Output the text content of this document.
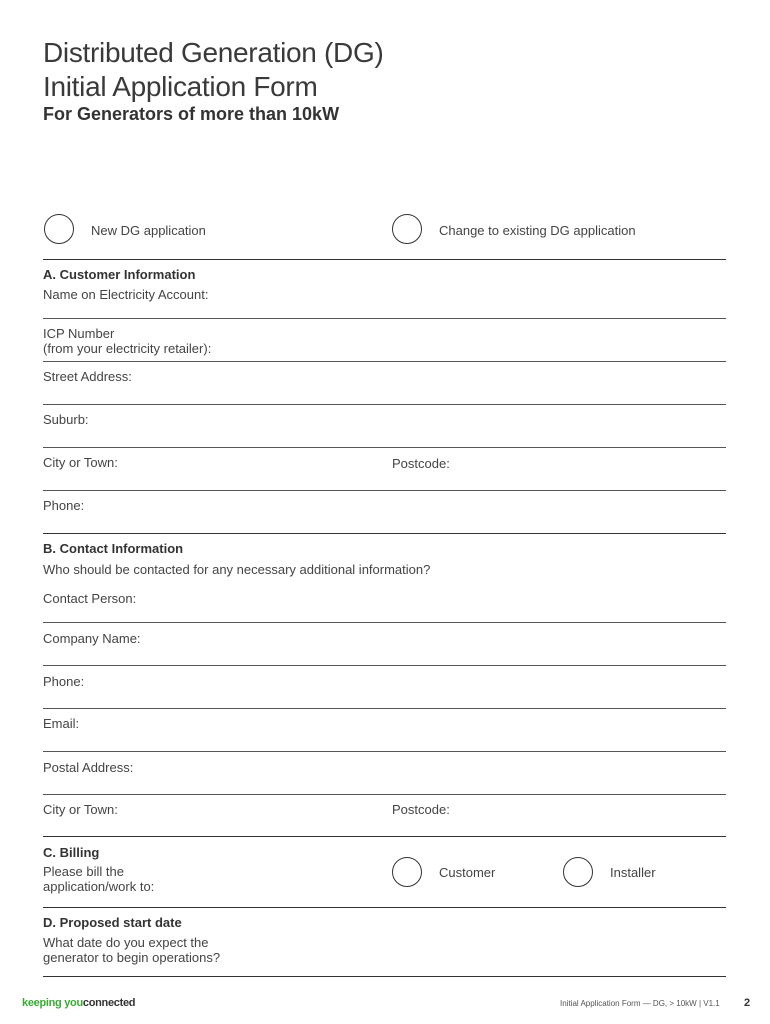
Distributed Generation (DG)
Initial Application Form
For Generators of more than 10kW
New DG application	Change to existing DG application
A. Customer Information
Name on Electricity Account:
ICP Number
(from your electricity retailer):
Street Address:
Suburb:
City or Town:	Postcode:
Phone:
B. Contact Information
Who should be contacted for any necessary additional information?
Contact Person:
Company Name:
Phone:
Email:
Postal Address:
City or Town:	Postcode:
C. Billing
Please bill the
application/work to:
Customer	Installer
D. Proposed start date
What date do you expect the
generator to begin operations?
keeping youconnected	Initial Application Form — DG, > 10kW | V1.1 2
